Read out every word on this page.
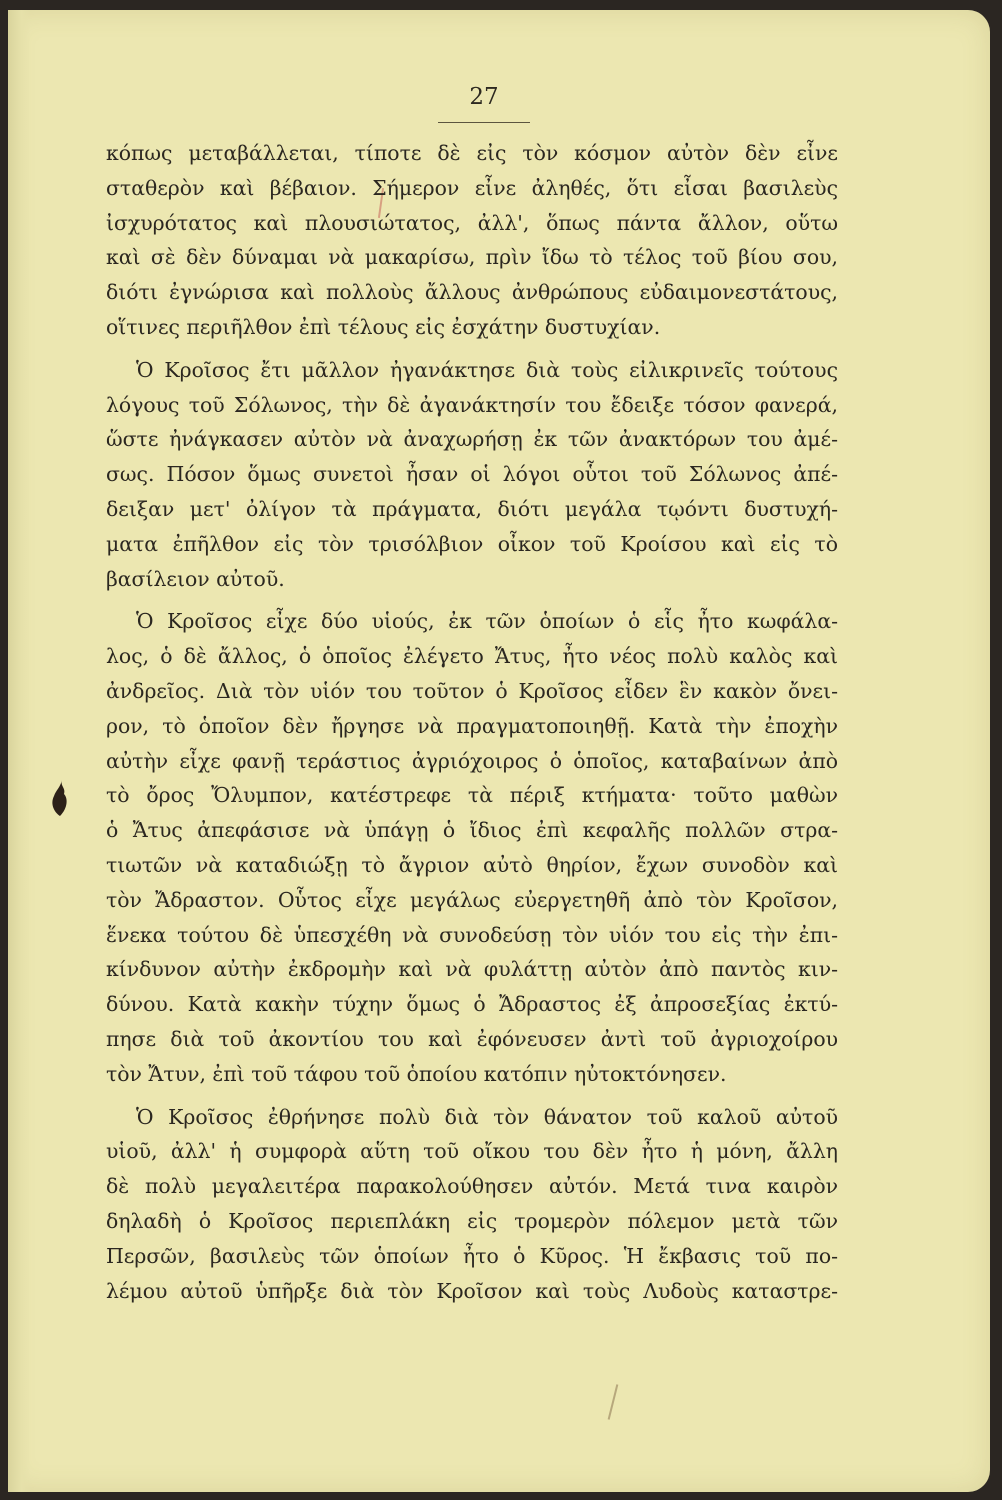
27
κόπως μεταβάλλεται, τίποτε δὲ εἰς τὸν κόσμον αὐτὸν δὲν εἶνε
σταθερὸν καὶ βέβαιον. Σήμερον εἶνε ἀληθές, ὅτι εἶσαι βασιλεὺς
ἰσχυρότατος καὶ πλουσιώτατος, ἀλλ', ὅπως πάντα ἄλλον, οὕτω
καὶ σὲ δὲν δύναμαι νὰ μακαρίσω, πρὶν ἴδω τὸ τέλος τοῦ βίου σου,
διότι ἐγνώρισα καὶ πολλοὺς ἄλλους ἀνθρώπους εὐδαιμονεστάτους,
οἵτινες περιῆλθον ἐπὶ τέλους εἰς ἐσχάτην δυστυχίαν.
Ὁ Κροῖσος ἔτι μᾶλλον ἠγανάκτησε διὰ τοὺς εἰλικρινεῖς τούτους
λόγους τοῦ Σόλωνος, τὴν δὲ ἀγανάκτησίν του ἔδειξε τόσον φανερά,
ὥστε ἠνάγκασεν αὐτὸν νὰ ἀναχωρήσῃ ἐκ τῶν ἀνακτόρων του ἀμέ-
σως. Πόσον ὅμως συνετοὶ ἦσαν οἱ λόγοι οὗτοι τοῦ Σόλωνος ἀπέ-
δειξαν μετ' ὀλίγον τὰ πράγματα, διότι μεγάλα τῳόντι δυστυχή-
ματα ἐπῆλθον εἰς τὸν τρισόλβιον οἶκον τοῦ Κροίσου καὶ εἰς τὸ
βασίλειον αὐτοῦ.
Ὁ Κροῖσος εἶχε δύο υἱούς, ἐκ τῶν ὁποίων ὁ εἷς ἦτο κωφάλα-
λος, ὁ δὲ ἄλλος, ὁ ὁποῖος ἐλέγετο Ἄτυς, ἦτο νέος πολὺ καλὸς καὶ
ἀνδρεῖος. Διὰ τὸν υἱόν του τοῦτον ὁ Κροῖσος εἶδεν ἓν κακὸν ὄνει-
ρον, τὸ ὁποῖον δὲν ἤργησε νὰ πραγματοποιηθῇ. Κατὰ τὴν ἐποχὴν
αὐτὴν εἶχε φανῇ τεράστιος ἀγριόχοιρος ὁ ὁποῖος, καταβαίνων ἀπὸ
τὸ ὄρος Ὄλυμπον, κατέστρεφε τὰ πέριξ κτήματα· τοῦτο μαθὼν
ὁ Ἄτυς ἀπεφάσισε νὰ ὑπάγῃ ὁ ἴδιος ἐπὶ κεφαλῆς πολλῶν στρα-
τιωτῶν νὰ καταδιώξῃ τὸ ἄγριον αὐτὸ θηρίον, ἔχων συνοδὸν καὶ
τὸν Ἄδραστον. Οὗτος εἶχε μεγάλως εὐεργετηθῆ ἀπὸ τὸν Κροῖσον,
ἕνεκα τούτου δὲ ὑπεσχέθη νὰ συνοδεύσῃ τὸν υἱόν του εἰς τὴν ἐπι-
κίνδυνον αὐτὴν ἐκδρομὴν καὶ νὰ φυλάττῃ αὐτὸν ἀπὸ παντὸς κιν-
δύνου. Κατὰ κακὴν τύχην ὅμως ὁ Ἄδραστος ἐξ ἀπροσεξίας ἐκτύ-
πησε διὰ τοῦ ἀκοντίου του καὶ ἐφόνευσεν ἀντὶ τοῦ ἀγριοχοίρου
τὸν Ἄτυν, ἐπὶ τοῦ τάφου τοῦ ὁποίου κατόπιν ηὐτοκτόνησεν.
Ὁ Κροῖσος ἐθρήνησε πολὺ διὰ τὸν θάνατον τοῦ καλοῦ αὐτοῦ
υἱοῦ, ἀλλ' ἡ συμφορὰ αὕτη τοῦ οἴκου του δὲν ἦτο ἡ μόνη, ἄλλη
δὲ πολὺ μεγαλειτέρα παρακολούθησεν αὐτόν. Μετά τινα καιρὸν
δηλαδὴ ὁ Κροῖσος περιεπλάκη εἰς τρομερὸν πόλεμον μετὰ τῶν
Περσῶν, βασιλεὺς τῶν ὁποίων ἦτο ὁ Κῦρος. Ἡ ἔκβασις τοῦ πο-
λέμου αὐτοῦ ὑπῆρξε διὰ τὸν Κροῖσον καὶ τοὺς Λυδοὺς καταστρε-
